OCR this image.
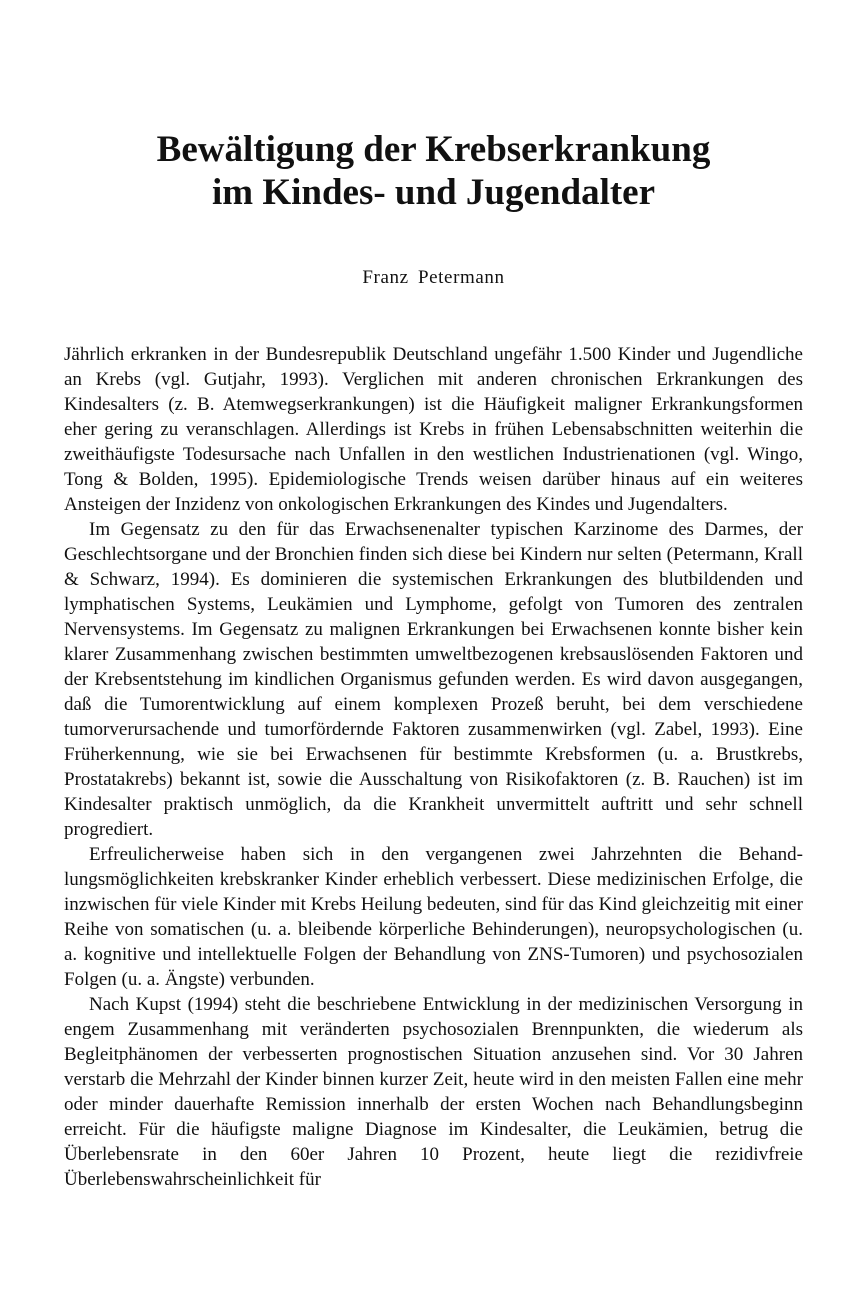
Bewältigung der Krebserkrankung
im Kindes- und Jugendalter
Franz Petermann

Jährlich erkranken in der Bundesrepublik Deutschland ungefähr 1.500 Kinder und Jugendliche an Krebs (vgl. Gutjahr, 1993). Verglichen mit anderen chronischen Erkrankungen des Kindesalters (z. B. Atemwegserkrankungen) ist die Häufigkeit maligner Erkrankungsformen eher gering zu veranschlagen. Allerdings ist Krebs in frühen Lebensabschnitten weiterhin die zweithäufigste Todesursache nach Unfallen in den westlichen Industrienationen (vgl. Wingo, Tong & Bolden, 1995). Epidemiologische Trends weisen darüber hinaus auf ein weiteres Ansteigen der Inzidenz von onkologischen Erkrankungen des Kindes und Jugendalters.

Im Gegensatz zu den für das Erwachsenenalter typischen Karzinome des Darmes, der Geschlechtsorgane und der Bronchien finden sich diese bei Kindern nur selten (Petermann, Krall & Schwarz, 1994). Es dominieren die systemischen Erkrankungen des blutbildenden und lymphatischen Systems, Leukämien und Lymphome, gefolgt von Tumoren des zentralen Nervensystems. Im Gegensatz zu malignen Erkrankungen bei Erwachsenen konnte bisher kein klarer Zusammenhang zwischen bestimmten umweltbezogenen krebsauslösenden Faktoren und der Krebsentstehung im kindlichen Organismus gefunden werden. Es wird davon ausgegangen, daß die Tumorentwicklung auf einem komplexen Prozeß beruht, bei dem verschiedene tumorverursachende und tumorfördernde Faktoren zusammenwirken (vgl. Zabel, 1993). Eine Früherkennung, wie sie bei Erwachsenen für bestimmte Krebsformen (u. a. Brustkrebs, Prostatakrebs) bekannt ist, sowie die Ausschaltung von Risikofaktoren (z. B. Rauchen) ist im Kindesalter praktisch unmöglich, da die Krankheit unvermittelt auftritt und sehr schnell progrediert.

Erfreulicherweise haben sich in den vergangenen zwei Jahrzehnten die Behandlungsmöglichkeiten krebskranker Kinder erheblich verbessert. Diese medizinischen Erfolge, die inzwischen für viele Kinder mit Krebs Heilung bedeuten, sind für das Kind gleichzeitig mit einer Reihe von somatischen (u. a. bleibende körperliche Behinderungen), neuropsychologischen (u. a. kognitive und intellektuelle Folgen der Behandlung von ZNS-Tumoren) und psychosozialen Folgen (u. a. Ängste) verbunden.

Nach Kupst (1994) steht die beschriebene Entwicklung in der medizinischen Versorgung in engem Zusammenhang mit veränderten psychosozialen Brennpunkten, die wiederum als Begleitphänomen der verbesserten prognostischen Situation anzusehen sind. Vor 30 Jahren verstarb die Mehrzahl der Kinder binnen kurzer Zeit, heute wird in den meisten Fallen eine mehr oder minder dauerhafte Remission innerhalb der ersten Wochen nach Behandlungsbeginn erreicht. Für die häufigste maligne Diagnose im Kindesalter, die Leukämien, betrug die Überlebensrate in den 60er Jahren 10 Prozent, heute liegt die rezidivfreie Überlebenswahrscheinlichkeit für
